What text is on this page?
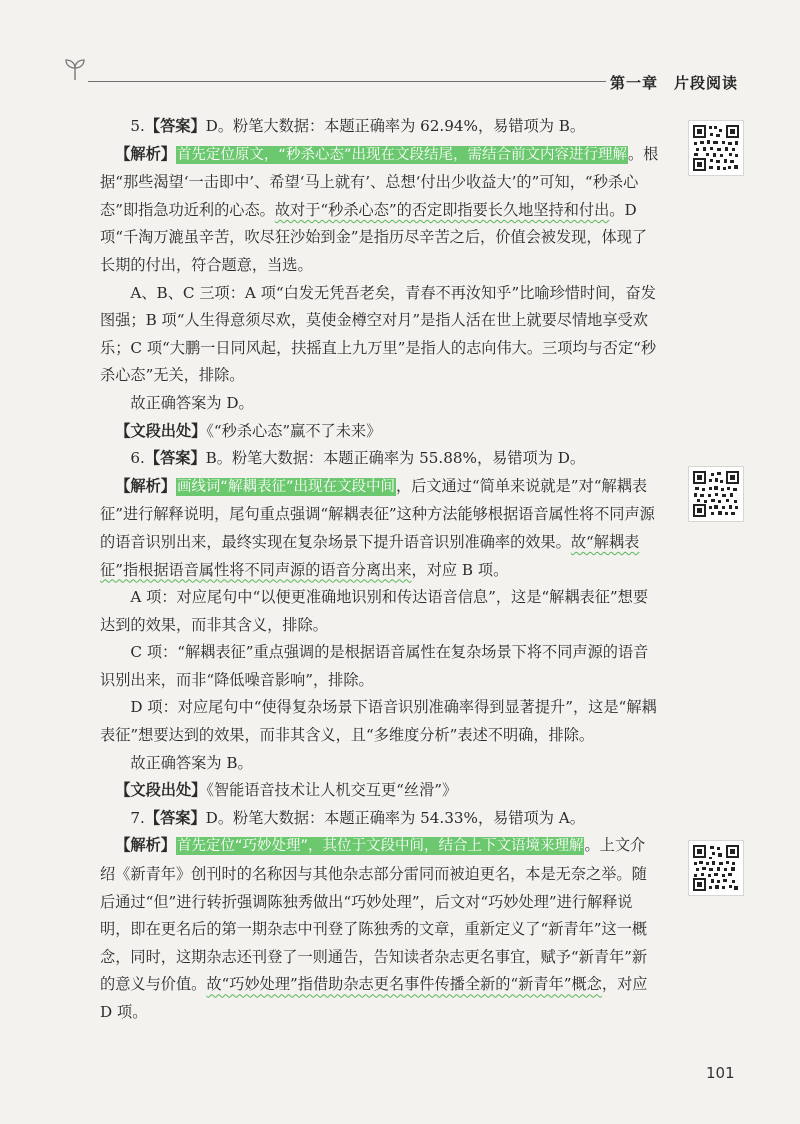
第一章 片段阅读

5.【答案】D。粉笔大数据：本题正确率为 62.94%，易错项为 B。

【解析】首先定位原文，“秒杀心态”出现在文段结尾，需结合前文内容进行理解。根据“那些渴望‘一击即中’、希望‘马上就有’、总想‘付出少收益大’的”可知，“秒杀心态”即指急功近利的心态。故对于“秒杀心态”的否定即指要长久地坚持和付出。D 项“千淘万漉虽辛苦，吹尽狂沙始到金”是指历尽辛苦之后，价值会被发现，体现了长期的付出，符合题意，当选。

A、B、C 三项：A 项“白发无凭吾老矣，青春不再汝知乎”比喻珍惜时间，奋发图强；B 项“人生得意须尽欢，莫使金樽空对月”是指人活在世上就要尽情地享受欢乐；C 项“大鹏一日同风起，扶摇直上九万里”是指人的志向伟大。三项均与否定“秒杀心态”无关，排除。

故正确答案为 D。

【文段出处】《“秒杀心态”赢不了未来》

6.【答案】B。粉笔大数据：本题正确率为 55.88%，易错项为 D。

【解析】画线词“解耦表征”出现在文段中间，后文通过“简单来说就是”对“解耦表征”进行解释说明，尾句重点强调“解耦表征”这种方法能够根据语音属性将不同声源的语音识别出来，最终实现在复杂场景下提升语音识别准确率的效果。故“解耦表征”指根据语音属性将不同声源的语音分离出来，对应 B 项。

A 项：对应尾句中“以便更准确地识别和传达语音信息”，这是“解耦表征”想要达到的效果，而非其含义，排除。

C 项：“解耦表征”重点强调的是根据语音属性在复杂场景下将不同声源的语音识别出来，而非“降低噪音影响”，排除。

D 项：对应尾句中“使得复杂场景下语音识别准确率得到显著提升”，这是“解耦表征”想要达到的效果，而非其含义，且“多维度分析”表述不明确，排除。

故正确答案为 B。

【文段出处】《智能语音技术让人机交互更“丝滑”》

7.【答案】D。粉笔大数据：本题正确率为 54.33%，易错项为 A。

【解析】首先定位“巧妙处理”，其位于文段中间，结合上下文语境来理解。上文介绍《新青年》创刊时的名称因与其他杂志部分雷同而被迫更名，本是无奈之举。随后通过“但”进行转折强调陈独秀做出“巧妙处理”，后文对“巧妙处理”进行解释说明，即在更名后的第一期杂志中刊登了陈独秀的文章，重新定义了“新青年”这一概念，同时，这期杂志还刊登了一则通告，告知读者杂志更名事宜，赋予“新青年”新的意义与价值。故“巧妙处理”指借助杂志更名事件传播全新的“新青年”概念，对应 D 项。

101
